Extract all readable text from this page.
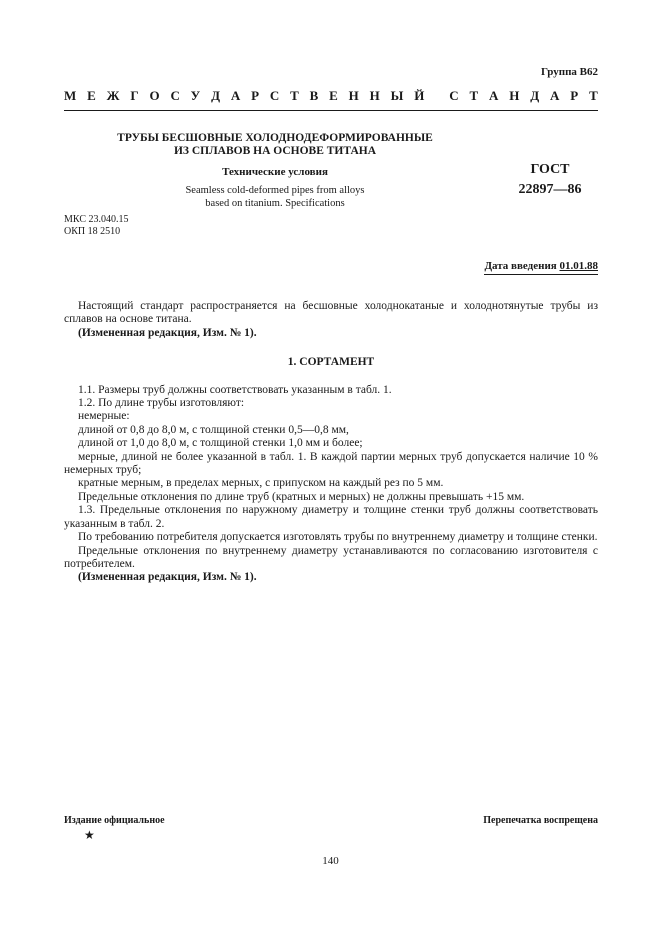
Группа В62
М Е Ж Г О С У Д А Р С Т В Е Н Н Ы Й
С Т А Н Д А Р Т
ТРУБЫ БЕСШОВНЫЕ ХОЛОДНОДЕФОРМИРОВАННЫЕ
ИЗ СПЛАВОВ НА ОСНОВЕ ТИТАНА
Технические условия
Seamless cold-deformed pipes from alloys
based on titanium. Specifications
ГОСТ
22897—86
МКС 23.040.15
ОКП 18 2510
Дата введения 01.01.88

Настоящий стандарт распространяется на бесшовные холоднокатаные и холоднотянутые трубы из сплавов на основе титана.

(Измененная редакция, Изм. № 1).

1. СОРТАМЕНТ

1.1. Размеры труб должны соответствовать указанным в табл. 1.

1.2. По длине трубы изготовляют:

немерные:

длиной от 0,8 до 8,0 м, с толщиной стенки 0,5—0,8 мм,

длиной от 1,0 до 8,0 м, с толщиной стенки 1,0 мм и более;

мерные, длиной не более указанной в табл. 1. В каждой партии мерных труб допускается наличие 10 % немерных труб;

кратные мерным, в пределах мерных, с припуском на каждый рез по 5 мм.

Предельные отклонения по длине труб (кратных и мерных) не должны превышать +15 мм.

1.3. Предельные отклонения по наружному диаметру и толщине стенки труб должны соответствовать указанным в табл. 2.

По требованию потребителя допускается изготовлять трубы по внутреннему диаметру и толщине стенки.

Предельные отклонения по внутреннему диаметру устанавливаются по согласованию изготовителя с потребителем.

(Измененная редакция, Изм. № 1).

Издание официальное	Перепечатка воспрещена
★
140
